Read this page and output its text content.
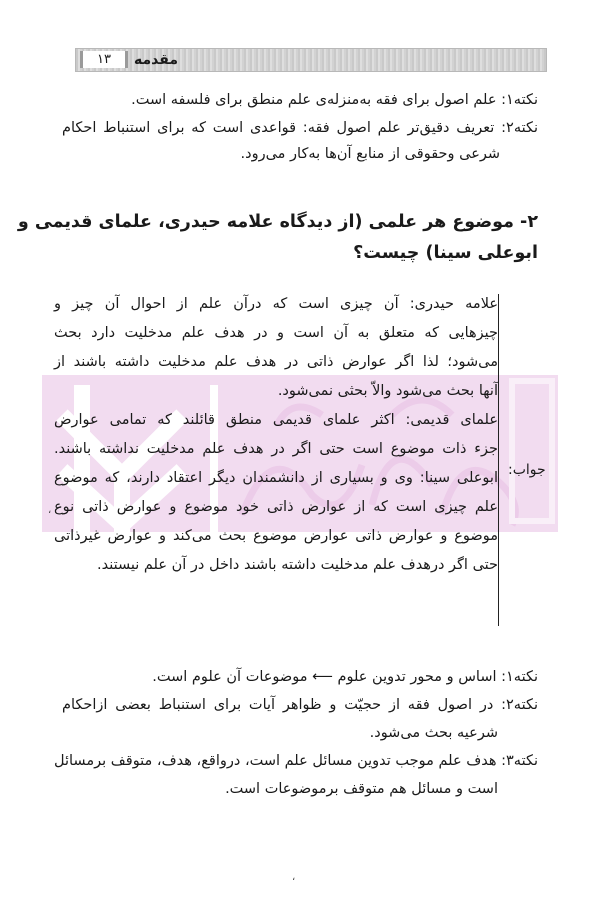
۱۳	مقدمه
نکته۱: علم اصول برای فقه به‌منزله‌ی علم منطق برای فلسفه است.
نکته۲: تعریف دقیق‌تر علم اصول فقه: قواعدی است که برای استنباط احکام
شرعی وحقوقی از منابع آن‌ها به‌کار می‌رود.
۲- موضوع هر علمی (از دیدگاه علامه حیدری، علمای قدیمی و
ابوعلی سینا) چیست؟
جواب:
علامه حیدری: آن چیزی است که درآن علم از احوال آن چیز و
چیزهایی که متعلق به آن است و در هدف علم مدخلیت دارد بحث
می‌شود؛ لذا اگر عوارض ذاتی در هدف علم مدخلیت داشته باشند از
آنها بحث می‌شود والاّ بحثی نمی‌شود.
علمای قدیمی: اکثر علمای قدیمی منطق قائلند که تمامی عوارض
جزء ذات موضوع است حتی اگر در هدف علم مدخلیت نداشته باشند.
ابوعلی سینا: وی و بسیاری از دانشمندان دیگر اعتقاد دارند، که موضوع
علم چیزی است که از عوارض ذاتی خود موضوع و عوارض ذاتی نوع
موضوع و عوارض ذاتی عوارض موضوع بحث می‌کند و عوارض غیرذاتی
حتی اگر درهدف علم مدخلیت داشته باشند داخل در آن علم نیستند.
نکته۱: اساس و محور تدوین علوم ⟵ موضوعات آن علوم است.
نکته۲: در اصول فقه از حجیّت و ظواهر آیات برای استنباط بعضی ازاحکام
شرعیه بحث می‌شود.
نکته۳: هدف علم موجب تدوین مسائل علم است، درواقع، هدف، متوقف برمسائل
است و مسائل هم متوقف برموضوعات است.
،
،
